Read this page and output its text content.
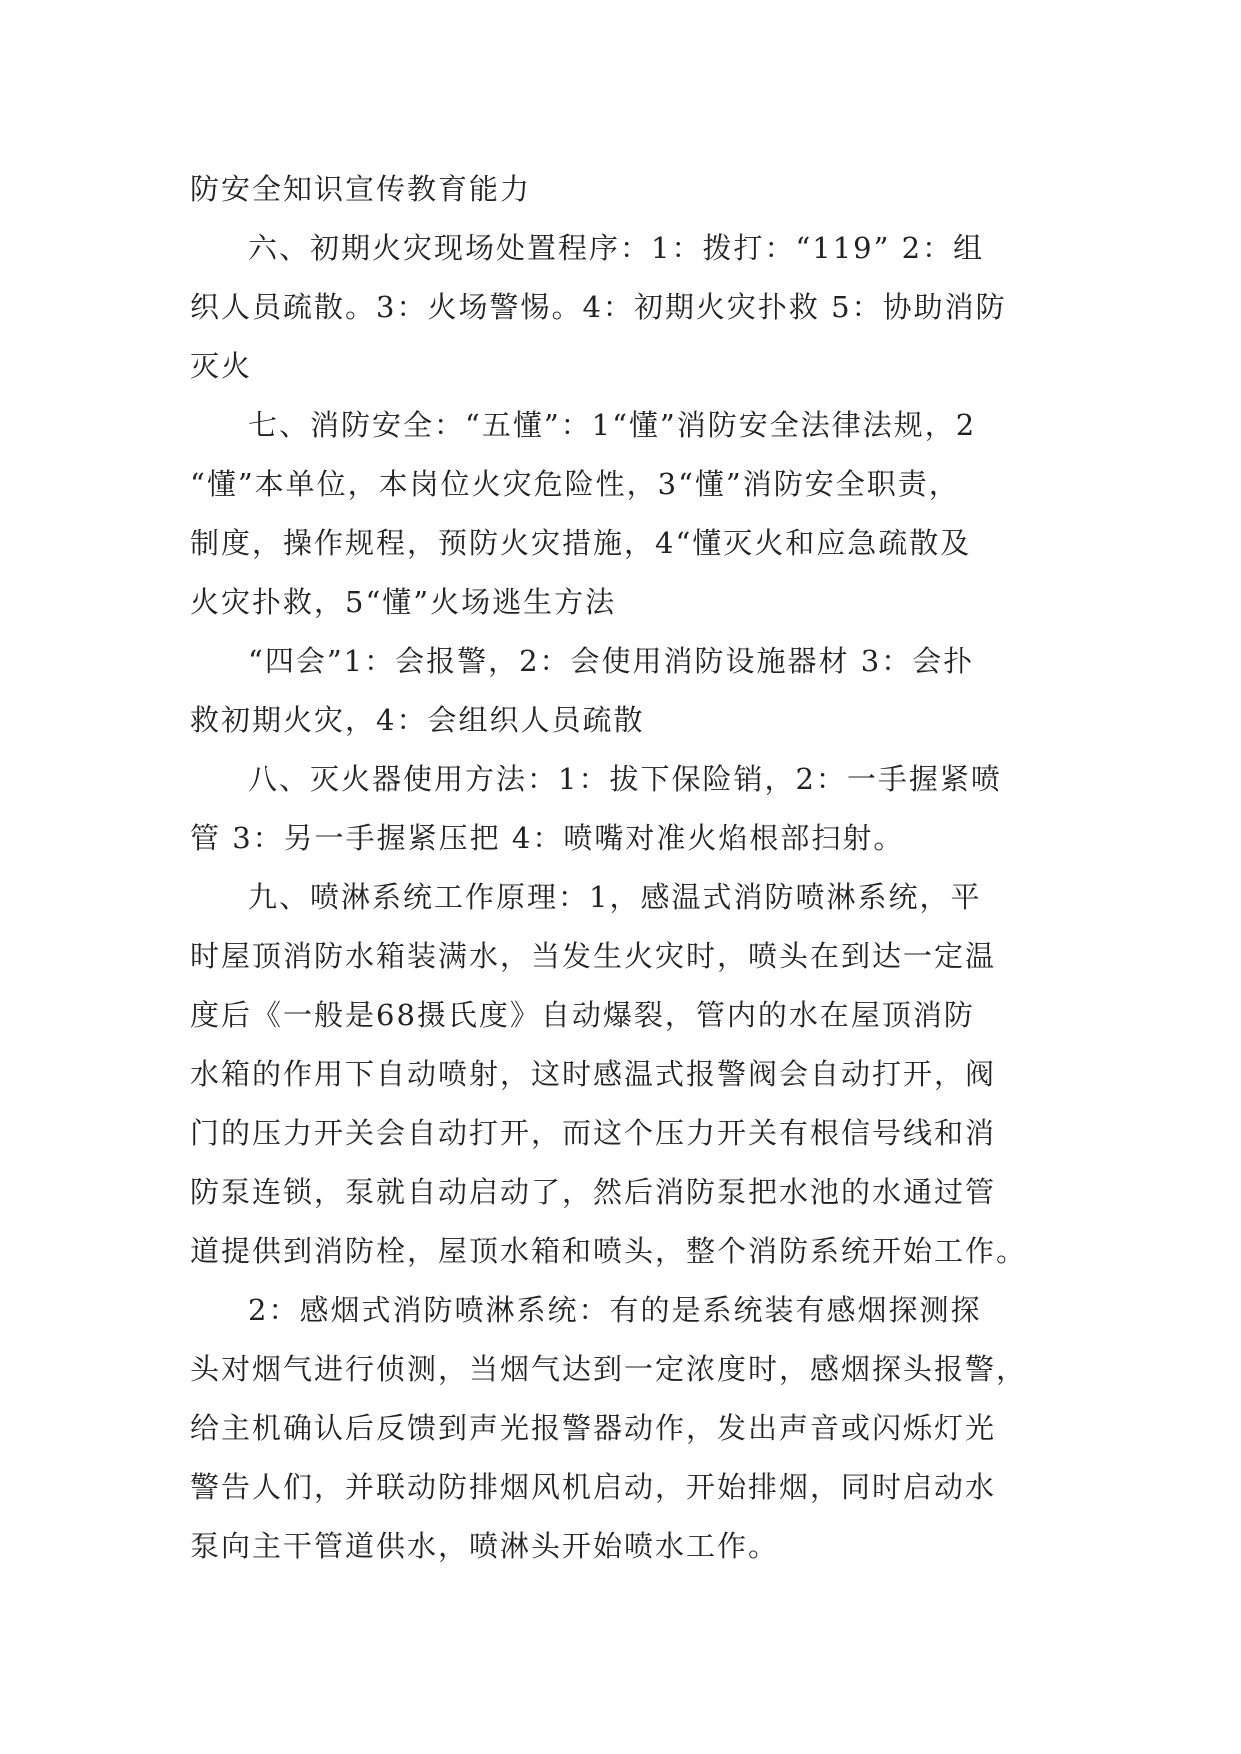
防安全知识宣传教育能力
六、初期火灾现场处置程序：1：拨打：“119” 2：组
织人员疏散。3：火场警惕。4：初期火灾扑救 5：协助消防
灭火
七、消防安全：“五懂”：1“懂”消防安全法律法规，2
“懂”本单位，本岗位火灾危险性，3“懂”消防安全职责，
制度，操作规程，预防火灾措施，4“懂灭火和应急疏散及
火灾扑救，5“懂”火场逃生方法
“四会”1：会报警，2：会使用消防设施器材 3：会扑
救初期火灾，4：会组织人员疏散
八、灭火器使用方法：1：拔下保险销，2：一手握紧喷
管 3：另一手握紧压把 4：喷嘴对准火焰根部扫射。
九、喷淋系统工作原理：1，感温式消防喷淋系统，平
时屋顶消防水箱装满水，当发生火灾时，喷头在到达一定温
度后《一般是68摄氏度》自动爆裂，管内的水在屋顶消防
水箱的作用下自动喷射，这时感温式报警阀会自动打开，阀
门的压力开关会自动打开，而这个压力开关有根信号线和消
防泵连锁，泵就自动启动了，然后消防泵把水池的水通过管
道提供到消防栓，屋顶水箱和喷头，整个消防系统开始工作。
2：感烟式消防喷淋系统：有的是系统装有感烟探测探
头对烟气进行侦测，当烟气达到一定浓度时，感烟探头报警，
给主机确认后反馈到声光报警器动作，发出声音或闪烁灯光
警告人们，并联动防排烟风机启动，开始排烟，同时启动水
泵向主干管道供水，喷淋头开始喷水工作。
